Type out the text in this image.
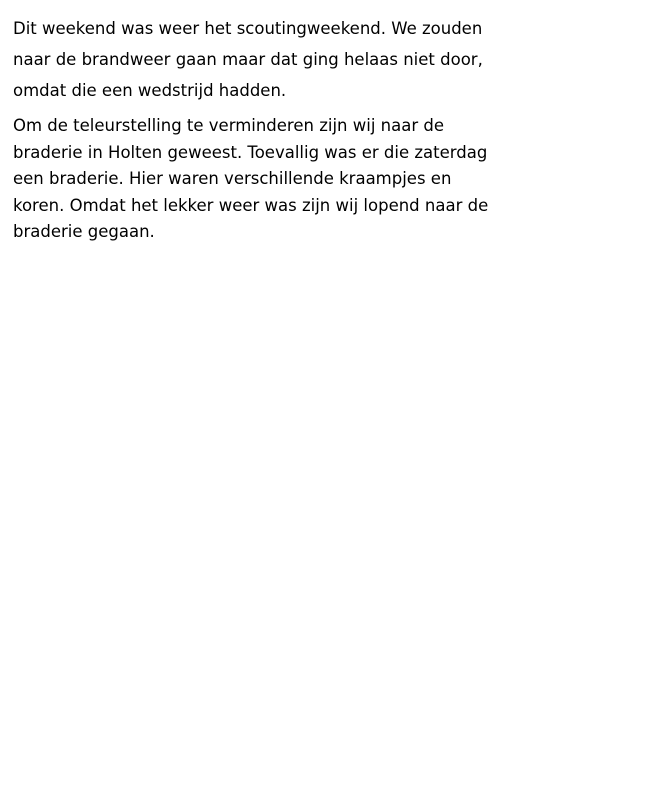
Dit weekend was weer het scoutingweekend. We zouden
naar de brandweer gaan maar dat ging helaas niet door,
omdat die een wedstrijd hadden.
Om de teleurstelling te verminderen zijn wij naar de
braderie in Holten geweest. Toevallig was er die zaterdag
een braderie. Hier waren verschillende kraampjes en
koren. Omdat het lekker weer was zijn wij lopend naar de
braderie gegaan.
